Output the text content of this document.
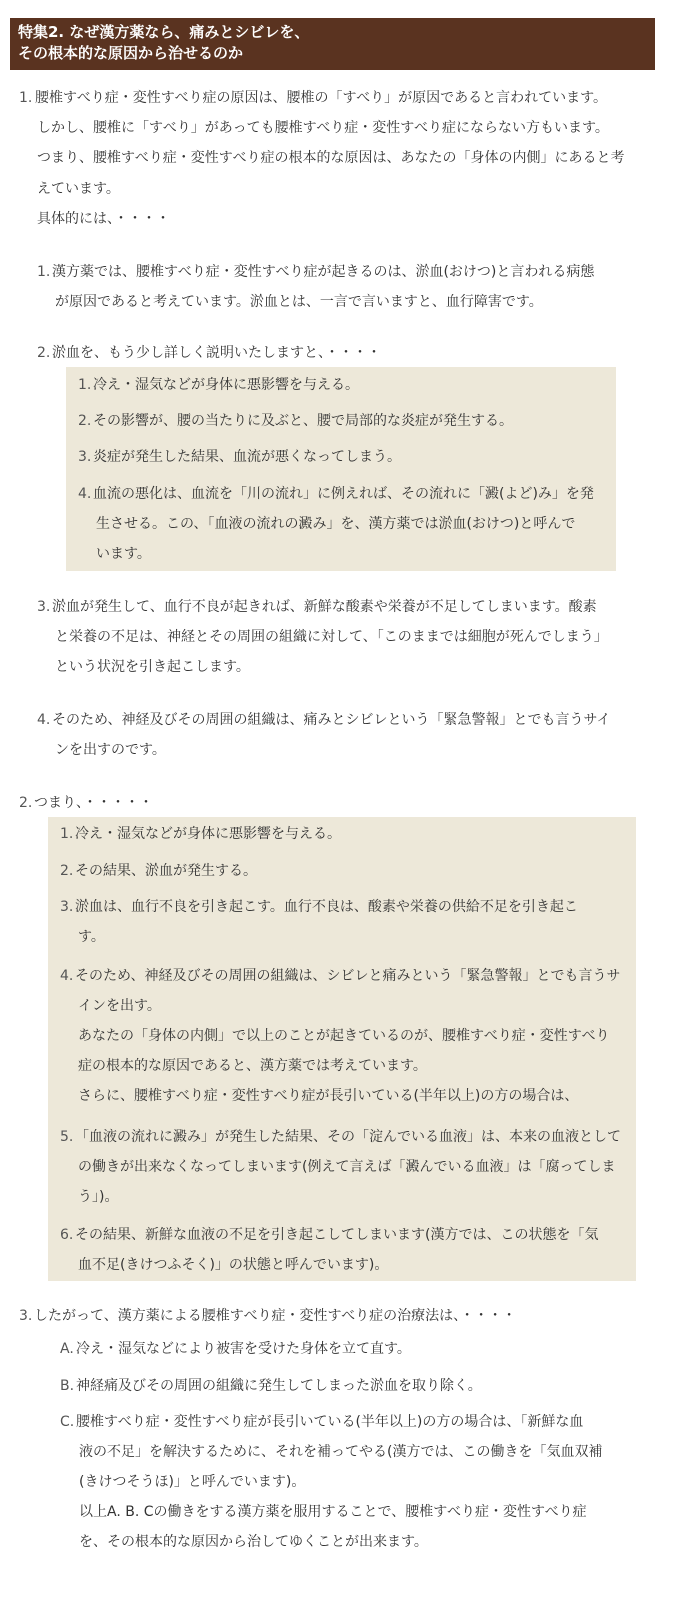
特集2. なぜ漢方薬なら、痛みとシビレを、
その根本的な原因から治せるのか
1. 腰椎すべり症・変性すべり症の原因は、腰椎の「すべり」が原因であると言われています。
しかし、腰椎に「すべり」があっても腰椎すべり症・変性すべり症にならない方もいます。
つまり、腰椎すべり症・変性すべり症の根本的な原因は、あなたの「身体の内側」にあると考
えています。
具体的には、・・・・
1. 漢方薬では、腰椎すべり症・変性すべり症が起きるのは、淤血(おけつ)と言われる病態
が原因であると考えています。淤血とは、一言で言いますと、血行障害です。
2. 淤血を、もう少し詳しく説明いたしますと、・・・・
1. 冷え・湿気などが身体に悪影響を与える。
2. その影響が、腰の当たりに及ぶと、腰で局部的な炎症が発生する。
3. 炎症が発生した結果、血流が悪くなってしまう。
4. 血流の悪化は、血流を「川の流れ」に例えれば、その流れに「澱(よど)み」を発
生させる。この、「血液の流れの澱み」を、漢方薬では淤血(おけつ)と呼んで
います。
3. 淤血が発生して、血行不良が起きれば、新鮮な酸素や栄養が不足してしまいます。酸素
と栄養の不足は、神経とその周囲の組織に対して、「このままでは細胞が死んでしまう」
という状況を引き起こします。
4. そのため、神経及びその周囲の組織は、痛みとシビレという「緊急警報」とでも言うサイ
ンを出すのです。
2. つまり、・・・・・
1. 冷え・湿気などが身体に悪影響を与える。
2. その結果、淤血が発生する。
3. 淤血は、血行不良を引き起こす。血行不良は、酸素や栄養の供給不足を引き起こ
す。
4. そのため、神経及びその周囲の組織は、シビレと痛みという「緊急警報」とでも言うサ
インを出す。
あなたの「身体の内側」で以上のことが起きているのが、腰椎すべり症・変性すべり
症の根本的な原因であると、漢方薬では考えています。
さらに、腰椎すべり症・変性すべり症が長引いている(半年以上)の方の場合は、
5. 「血液の流れに澱み」が発生した結果、その「淀んでいる血液」は、本来の血液として
の働きが出来なくなってしまいます(例えて言えば「澱んでいる血液」は「腐ってしま
う」)。
6. その結果、新鮮な血液の不足を引き起こしてしまいます(漢方では、この状態を「気
血不足(きけつふそく)」の状態と呼んでいます)。
3. したがって、漢方薬による腰椎すべり症・変性すべり症の治療法は、・・・・
A. 冷え・湿気などにより被害を受けた身体を立て直す。
B. 神経痛及びその周囲の組織に発生してしまった淤血を取り除く。
C. 腰椎すべり症・変性すべり症が長引いている(半年以上)の方の場合は、「新鮮な血
液の不足」を解決するために、それを補ってやる(漢方では、この働きを「気血双補
(きけつそうほ)」と呼んでいます)。
以上A. B. Cの働きをする漢方薬を服用することで、腰椎すべり症・変性すべり症
を、その根本的な原因から治してゆくことが出来ます。
